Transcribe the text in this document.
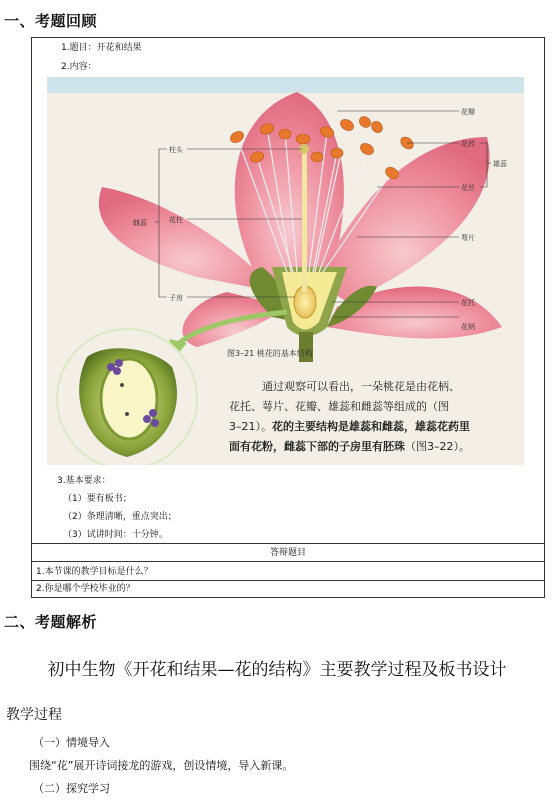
一、考题回顾
1.题目：开花和结果
2.内容：
3.基本要求：
（1）要有板书；
（2）条理清晰，重点突出；
（3）试讲时间：十分钟。
答辩题目
1.本节课的教学目标是什么？
2.你是哪个学校毕业的？
花瓣
花药
雄蕊
花丝
萼片
花托
花柄
柱头
花柱
雌蕊
子房
图3–21 桃花的基本结构
通过观察可以看出，一朵桃花是由花柄、
花托、萼片、花瓣、雄蕊和雌蕊等组成的（图
3–21）。花的主要结构是雄蕊和雌蕊，雄蕊花药里
面有花粉，雌蕊下部的子房里有胚珠（图3–22）。
二、考题解析
初中生物《开花和结果—花的结构》主要教学过程及板书设计
教学过程
（一）情境导入
围绕“花”展开诗词接龙的游戏，创设情境，导入新课。
（二）探究学习
